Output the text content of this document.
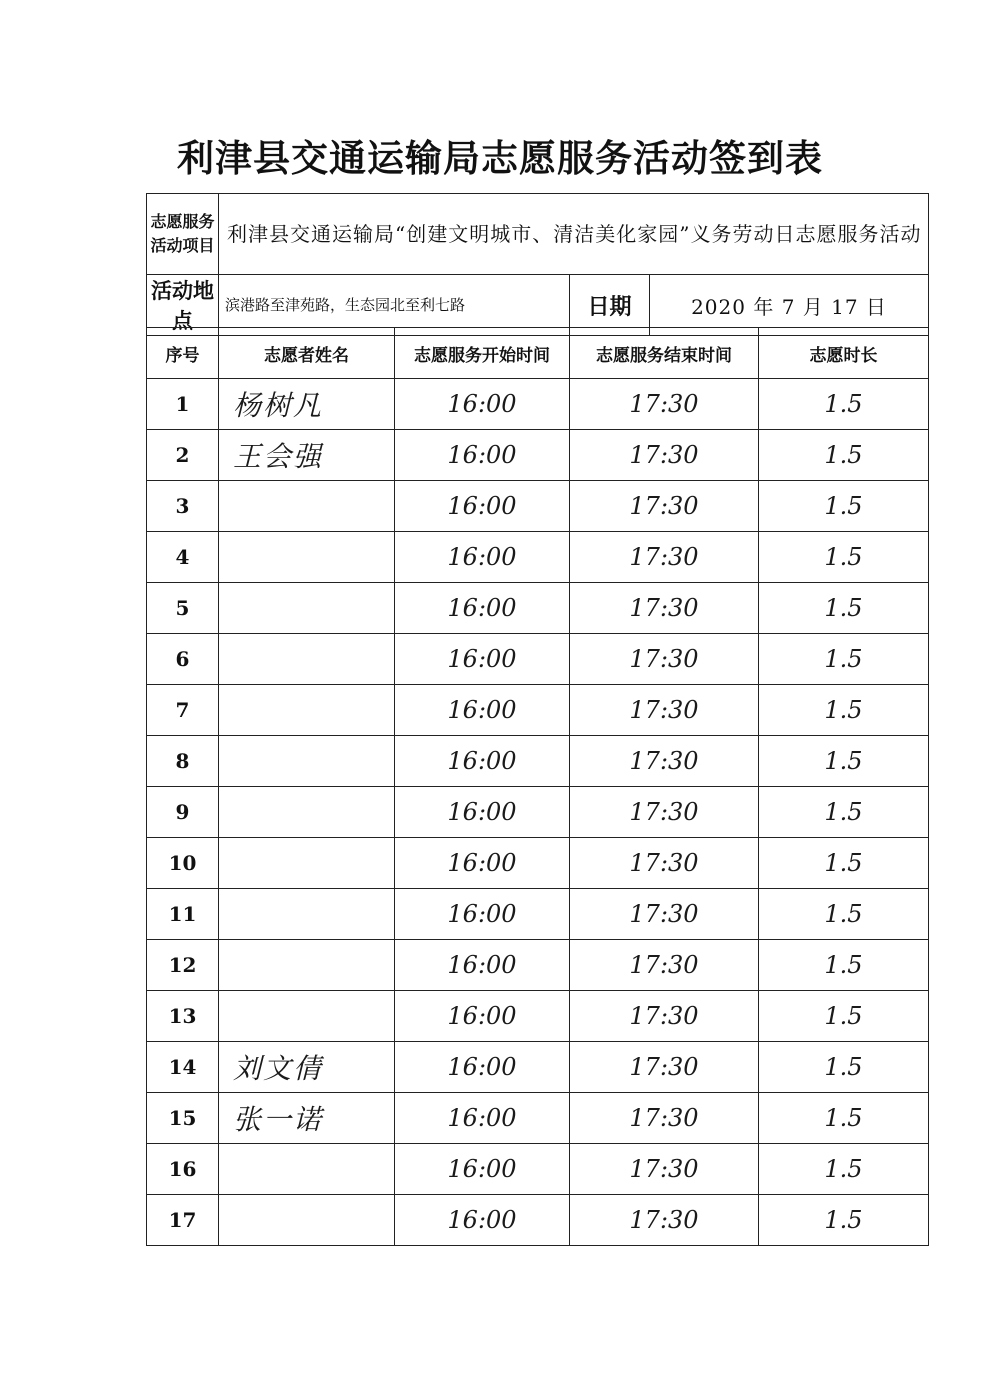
利津县交通运输局志愿服务活动签到表
志愿服务活动项目	利津县交通运输局“创建文明城市、清洁美化家园”义务劳动日志愿服务活动		
活动地点	滨港路至津苑路，生态园北至利七路	日期	2020 年 7 月 17 日
序号	志愿者姓名	志愿服务开始时间	志愿服务结束时间	志愿时长
1	杨树凡	16:00	17:30	1.5
2	王会强	16:00	17:30	1.5
3		16:00	17:30	1.5
4		16:00	17:30	1.5
5		16:00	17:30	1.5
6		16:00	17:30	1.5
7		16:00	17:30	1.5
8		16:00	17:30	1.5
9		16:00	17:30	1.5
10		16:00	17:30	1.5
11		16:00	17:30	1.5
12		16:00	17:30	1.5
13		16:00	17:30	1.5
14	刘文倩	16:00	17:30	1.5
15	张一诺	16:00	17:30	1.5
16		16:00	17:30	1.5
17		16:00	17:30	1.5
